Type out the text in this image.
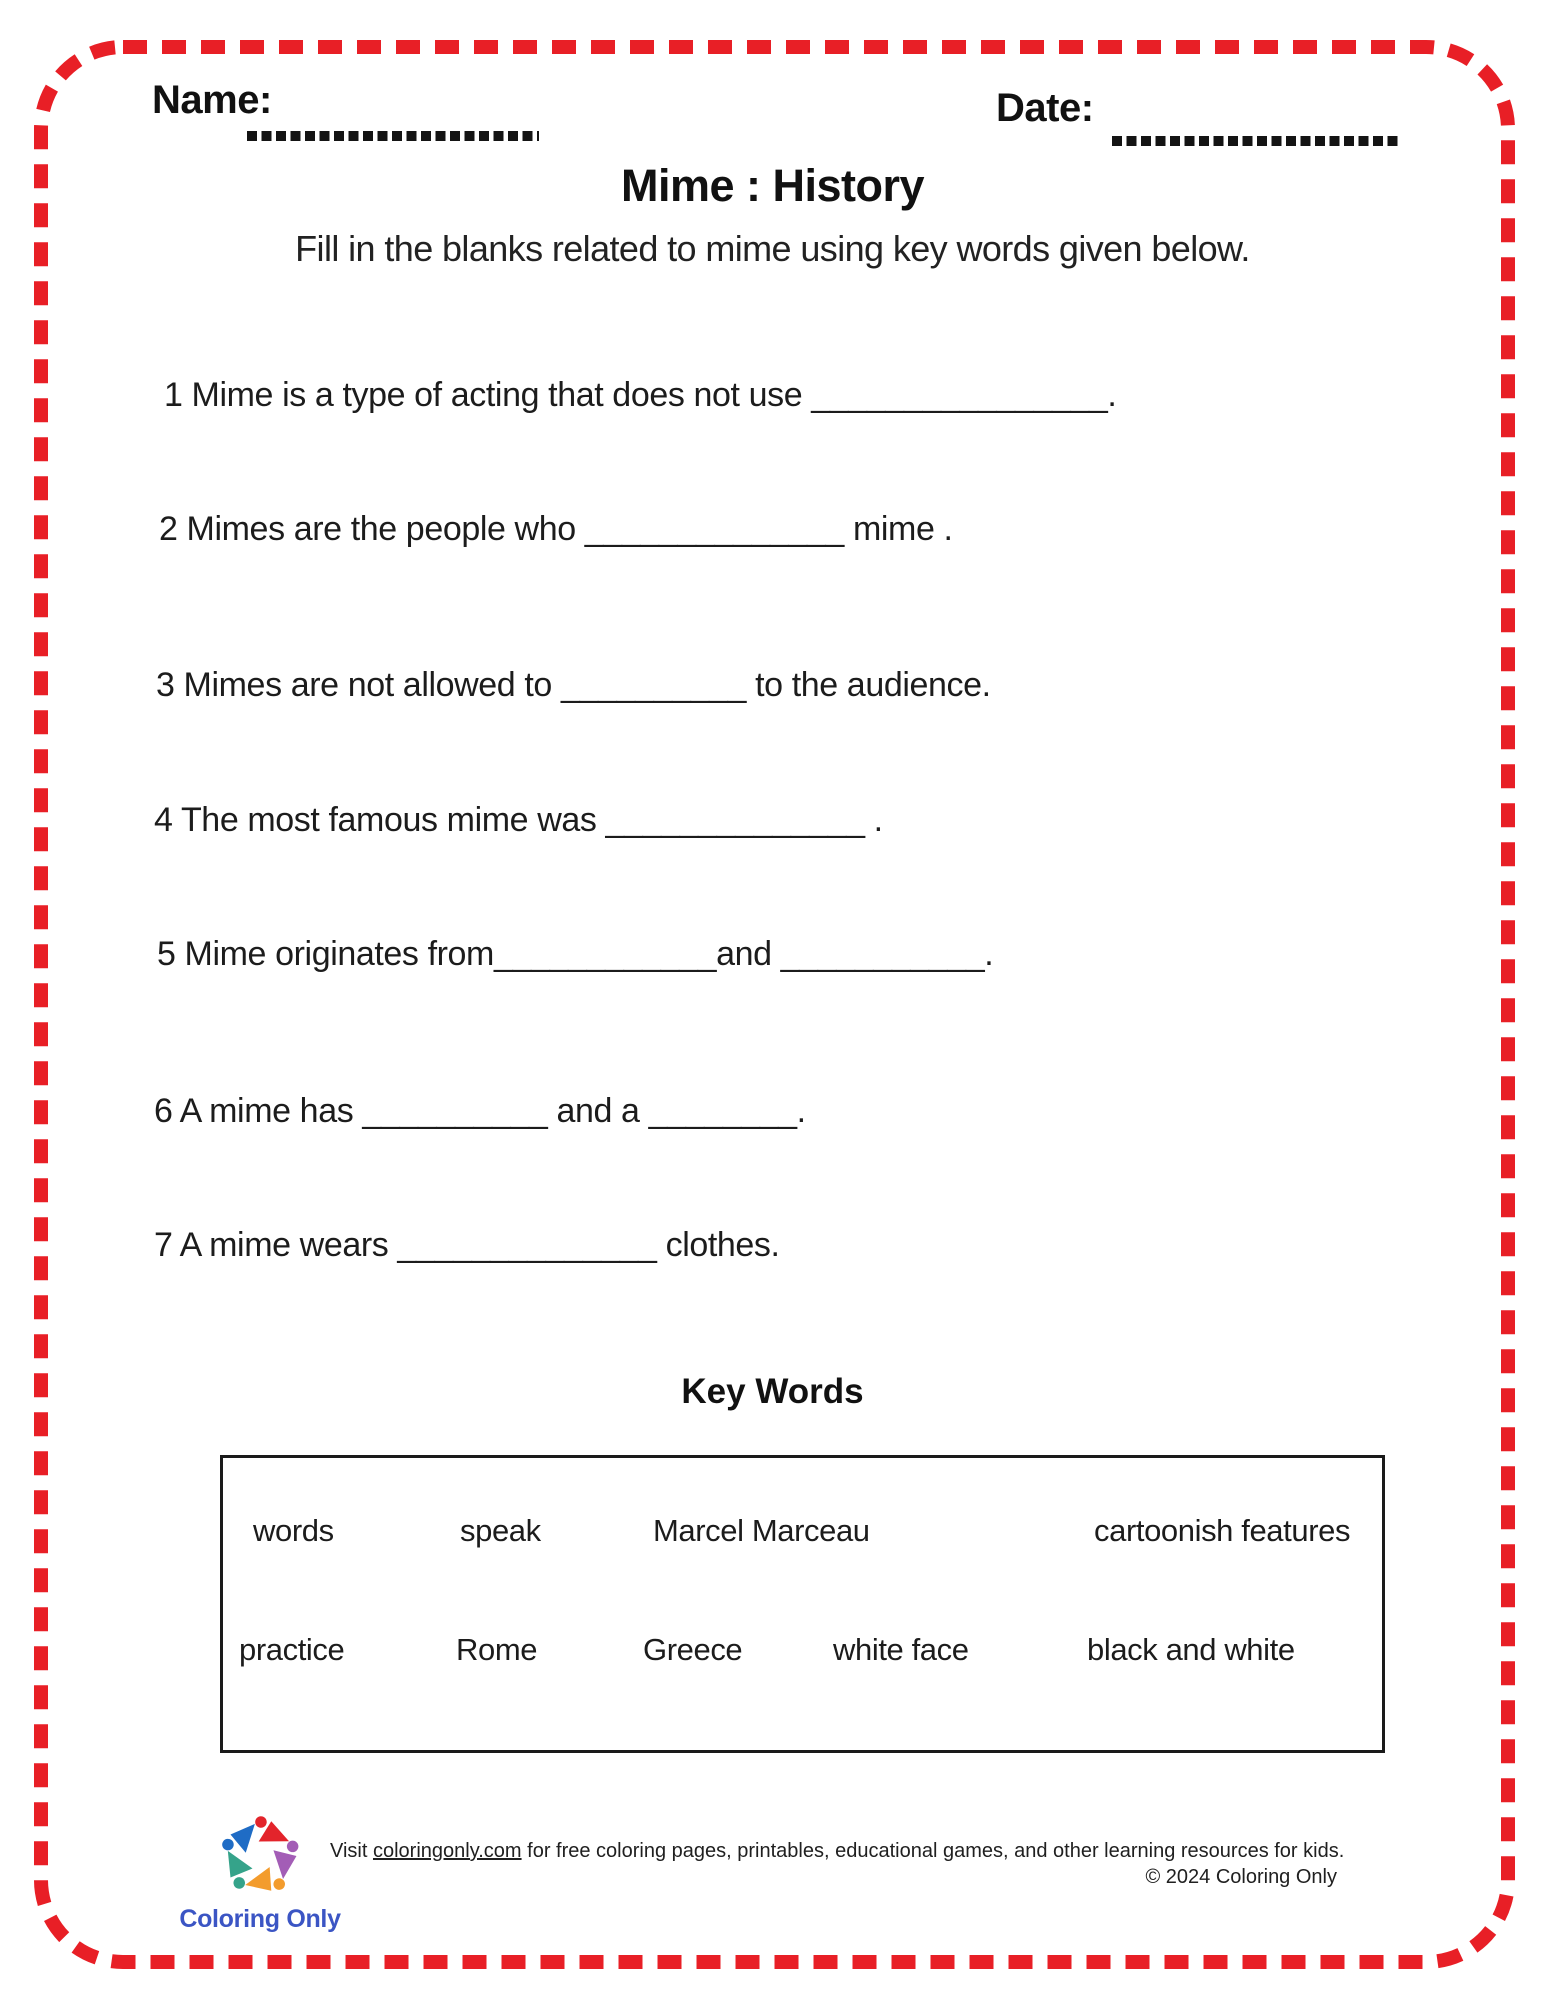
Name:	Date:
Mime : History
Fill in the blanks related to mime using key words given below.
1 Mime is a type of acting that does not use ________________.
2 Mimes are the people who ______________ mime .
3 Mimes are not allowed to __________ to the audience.
4 The most famous mime was ______________ .
5 Mime originates from____________and ___________.
6 A mime has __________ and a ________.
7 A mime wears ______________ clothes.
Key Words
words	speak	Marcel Marceau	cartoonish features
practice	Rome	Greece	white face	black and white
Coloring Only
Visit coloringonly.com for free coloring pages, printables, educational games, and other learning resources for kids.
© 2024 Coloring Only
